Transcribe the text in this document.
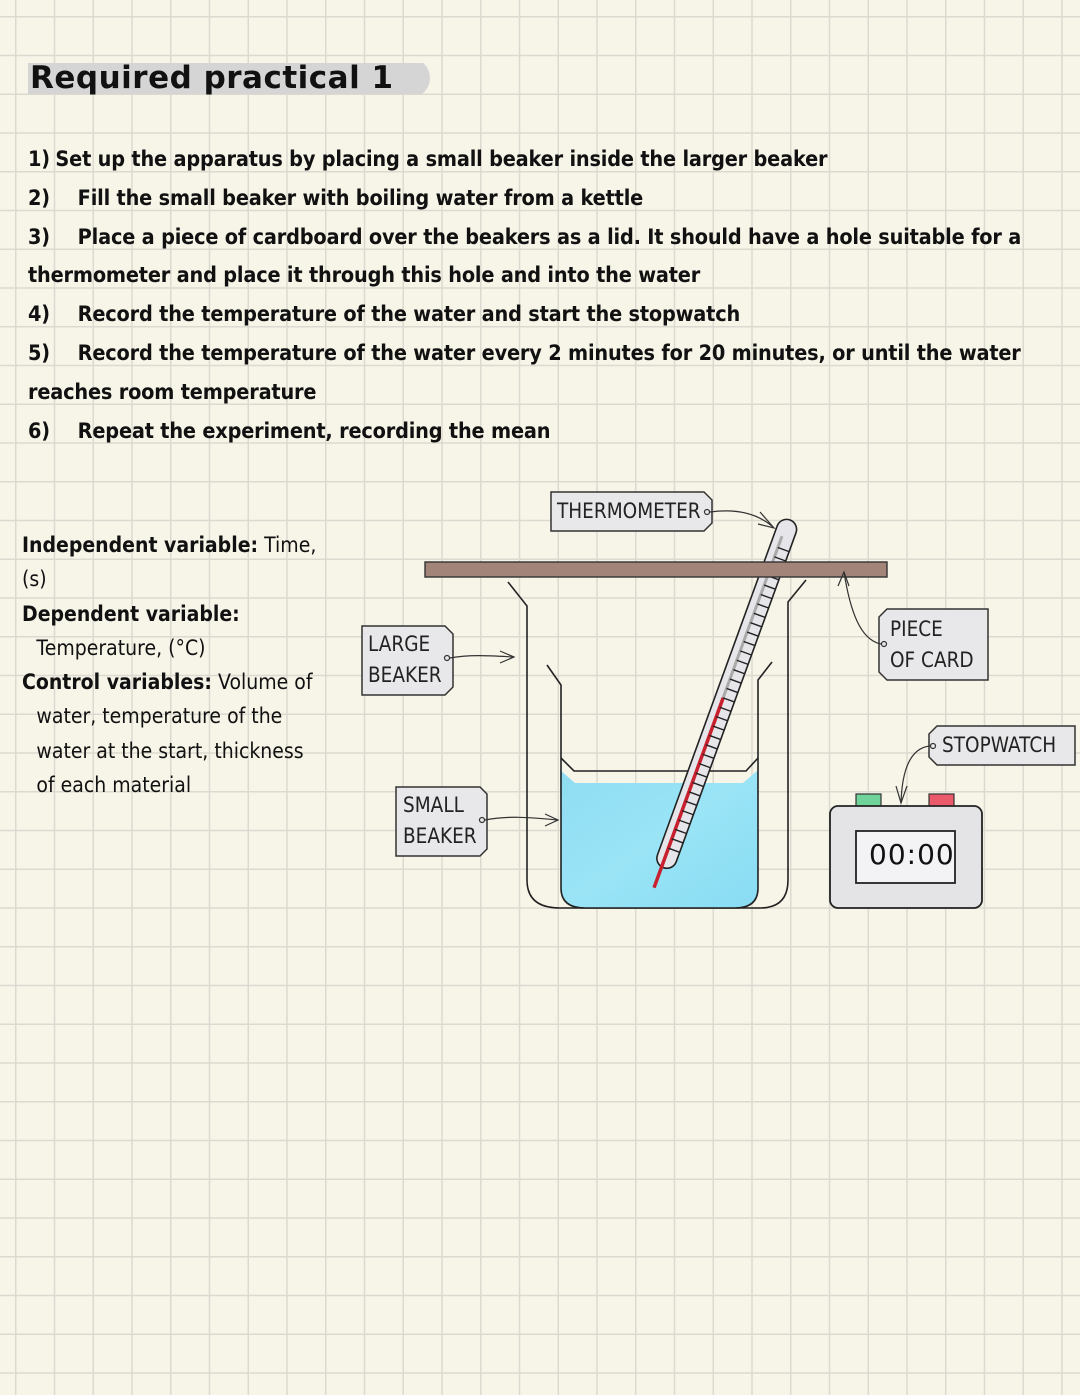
Required practical 1
1) Set up the apparatus by placing a small beaker inside the larger beaker
2) Fill the small beaker with boiling water from a kettle
3) Place a piece of cardboard over the beakers as a lid. It should have a hole suitable for a
thermometer and place it through this hole and into the water
4) Record the temperature of the water and start the stopwatch
5) Record the temperature of the water every 2 minutes for 20 minutes, or until the water
reaches room temperature
6) Repeat the experiment, recording the mean
Independent variable: Time, (s)
Dependent variable:
Temperature, (°C)
Control variables: Volume of
water, temperature of the
water at the start, thickness
of each material
THERMOMETER
LARGE
BEAKER
SMALL
BEAKER
PIECE
OF CARD
STOPWATCH
00:00
